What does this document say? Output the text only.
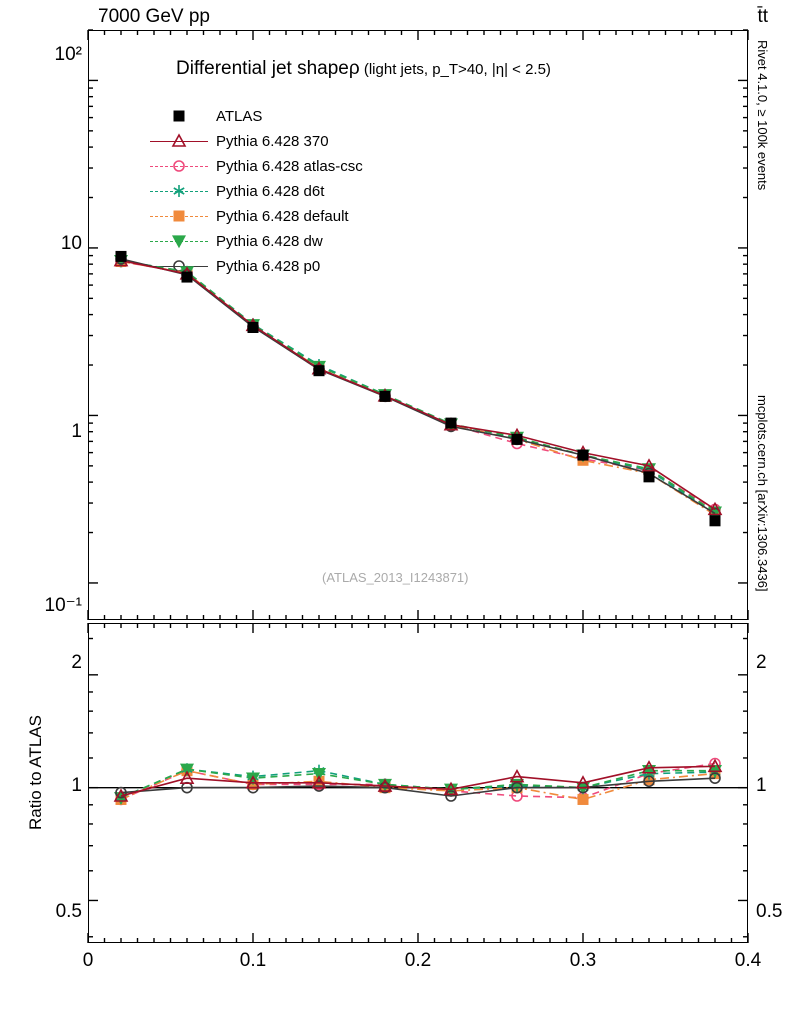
7000 GeV pp	t̄t
Rivet 4.1.0, ≥ 100k events
mcplots.cern.ch [arXiv:1306.3436]
Differential jet shapeρ (light jets, p_T>40, |η| < 2.5)
(ATLAS_2013_I1243871)
10²
10
1
10⁻¹
2
1
0.5
2
1
0.5
0	0.1	0.2	0.3	0.4
Ratio to ATLAS
ATLAS
Pythia 6.428 370
Pythia 6.428 atlas-csc
Pythia 6.428 d6t
Pythia 6.428 default
Pythia 6.428 dw
Pythia 6.428 p0
